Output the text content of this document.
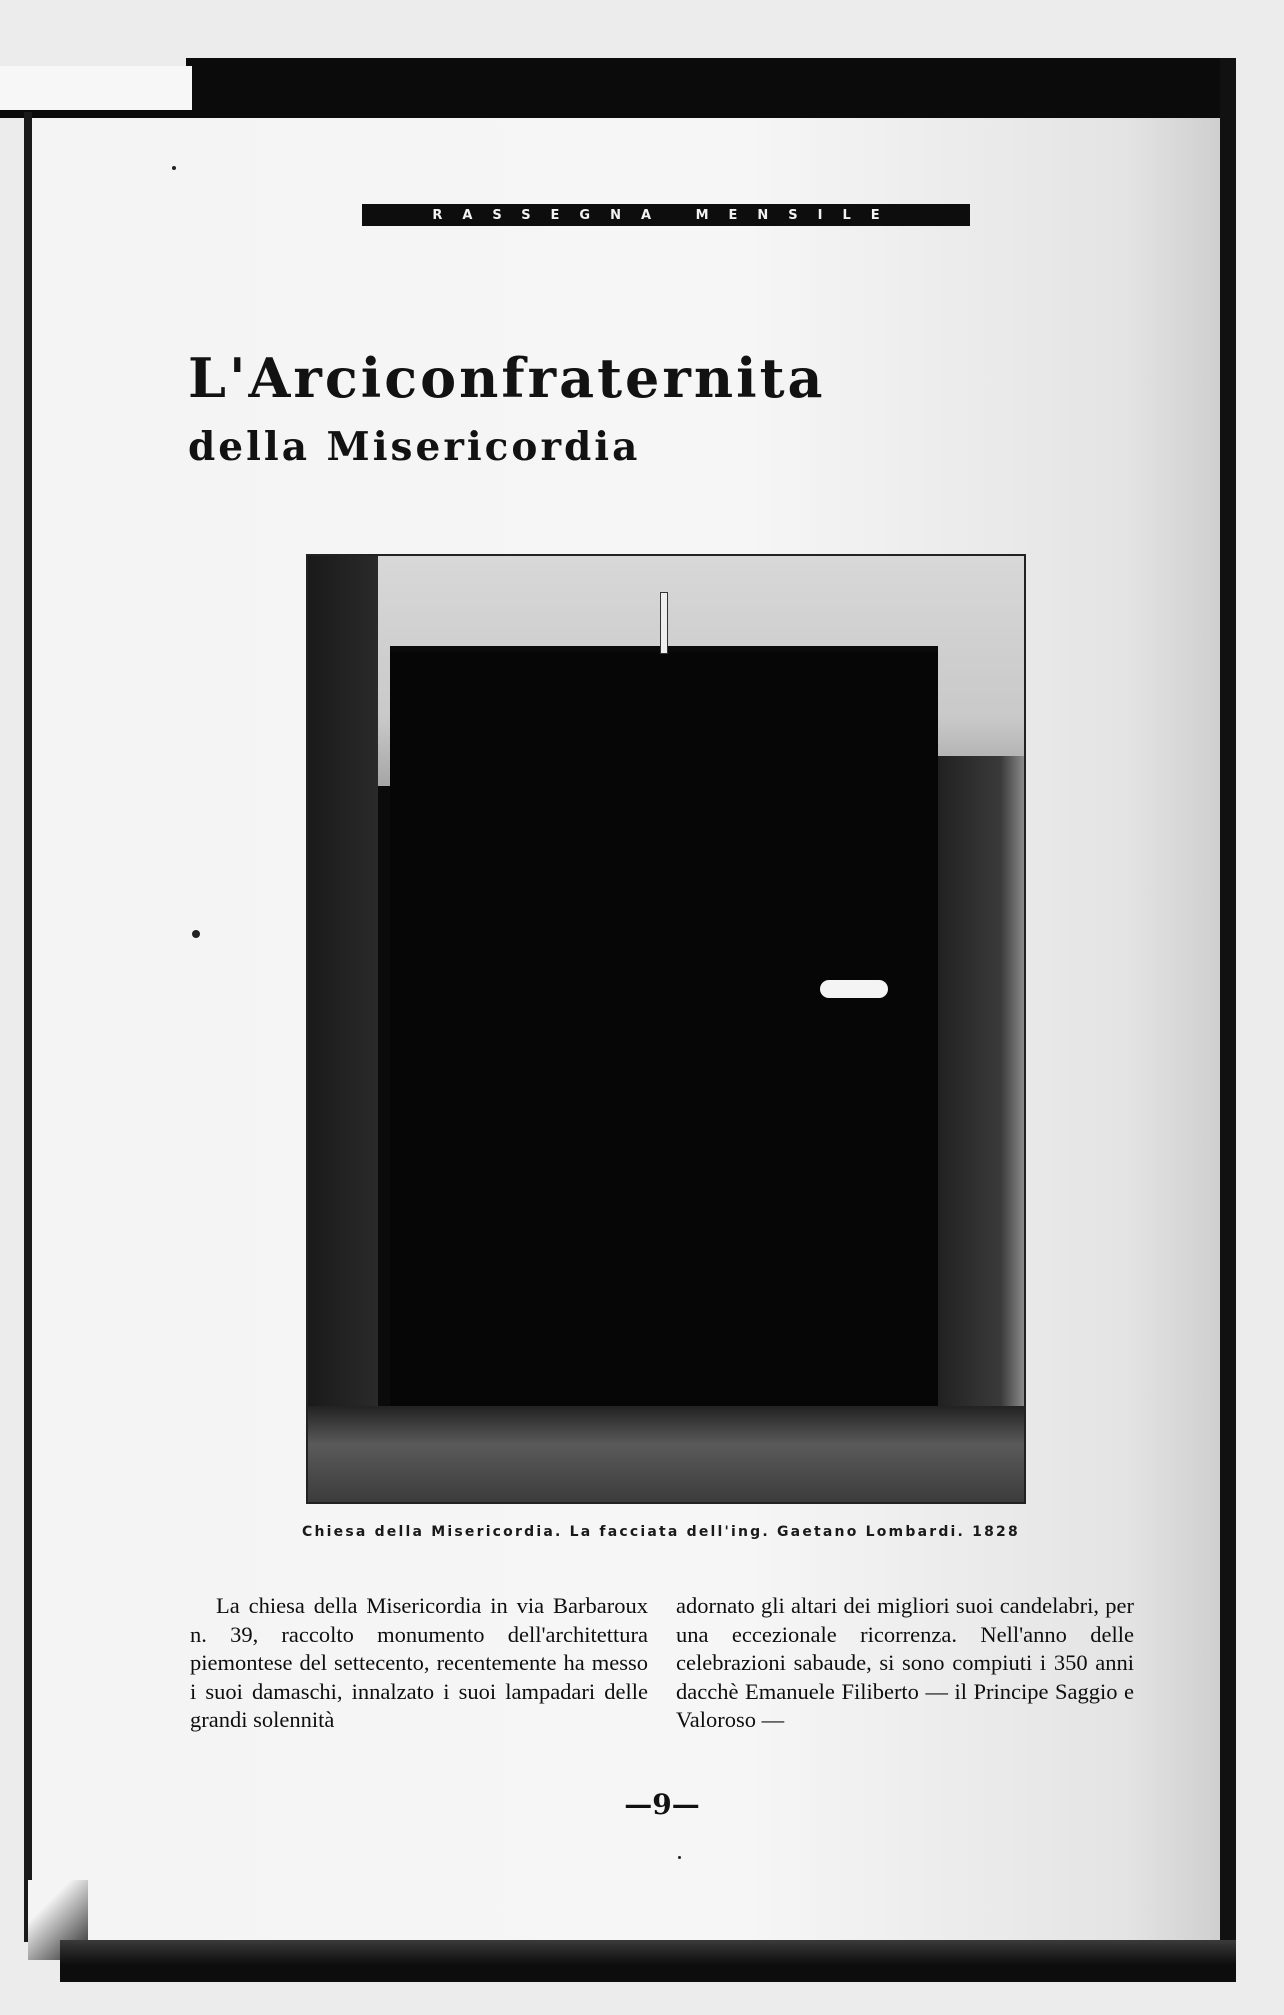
RASSEGNA MENSILE
L'Arciconfraternita
della Misericordia
Chiesa della Misericordia. La facciata dell'ing. Gaetano Lombardi. 1828

La chiesa della Misericordia in via Barbaroux n. 39, raccolto monumento dell'architettura piemontese del settecento, recentemente ha messo i suoi damaschi, innalzato i suoi lampadari delle grandi solennità

adornato gli altari dei migliori suoi candelabri, per una eccezionale ricorrenza. Nell'anno delle celebrazioni sabaude, si sono compiuti i 350 anni dacchè Emanuele Filiberto — il Principe Saggio e Valoroso —

—9—
